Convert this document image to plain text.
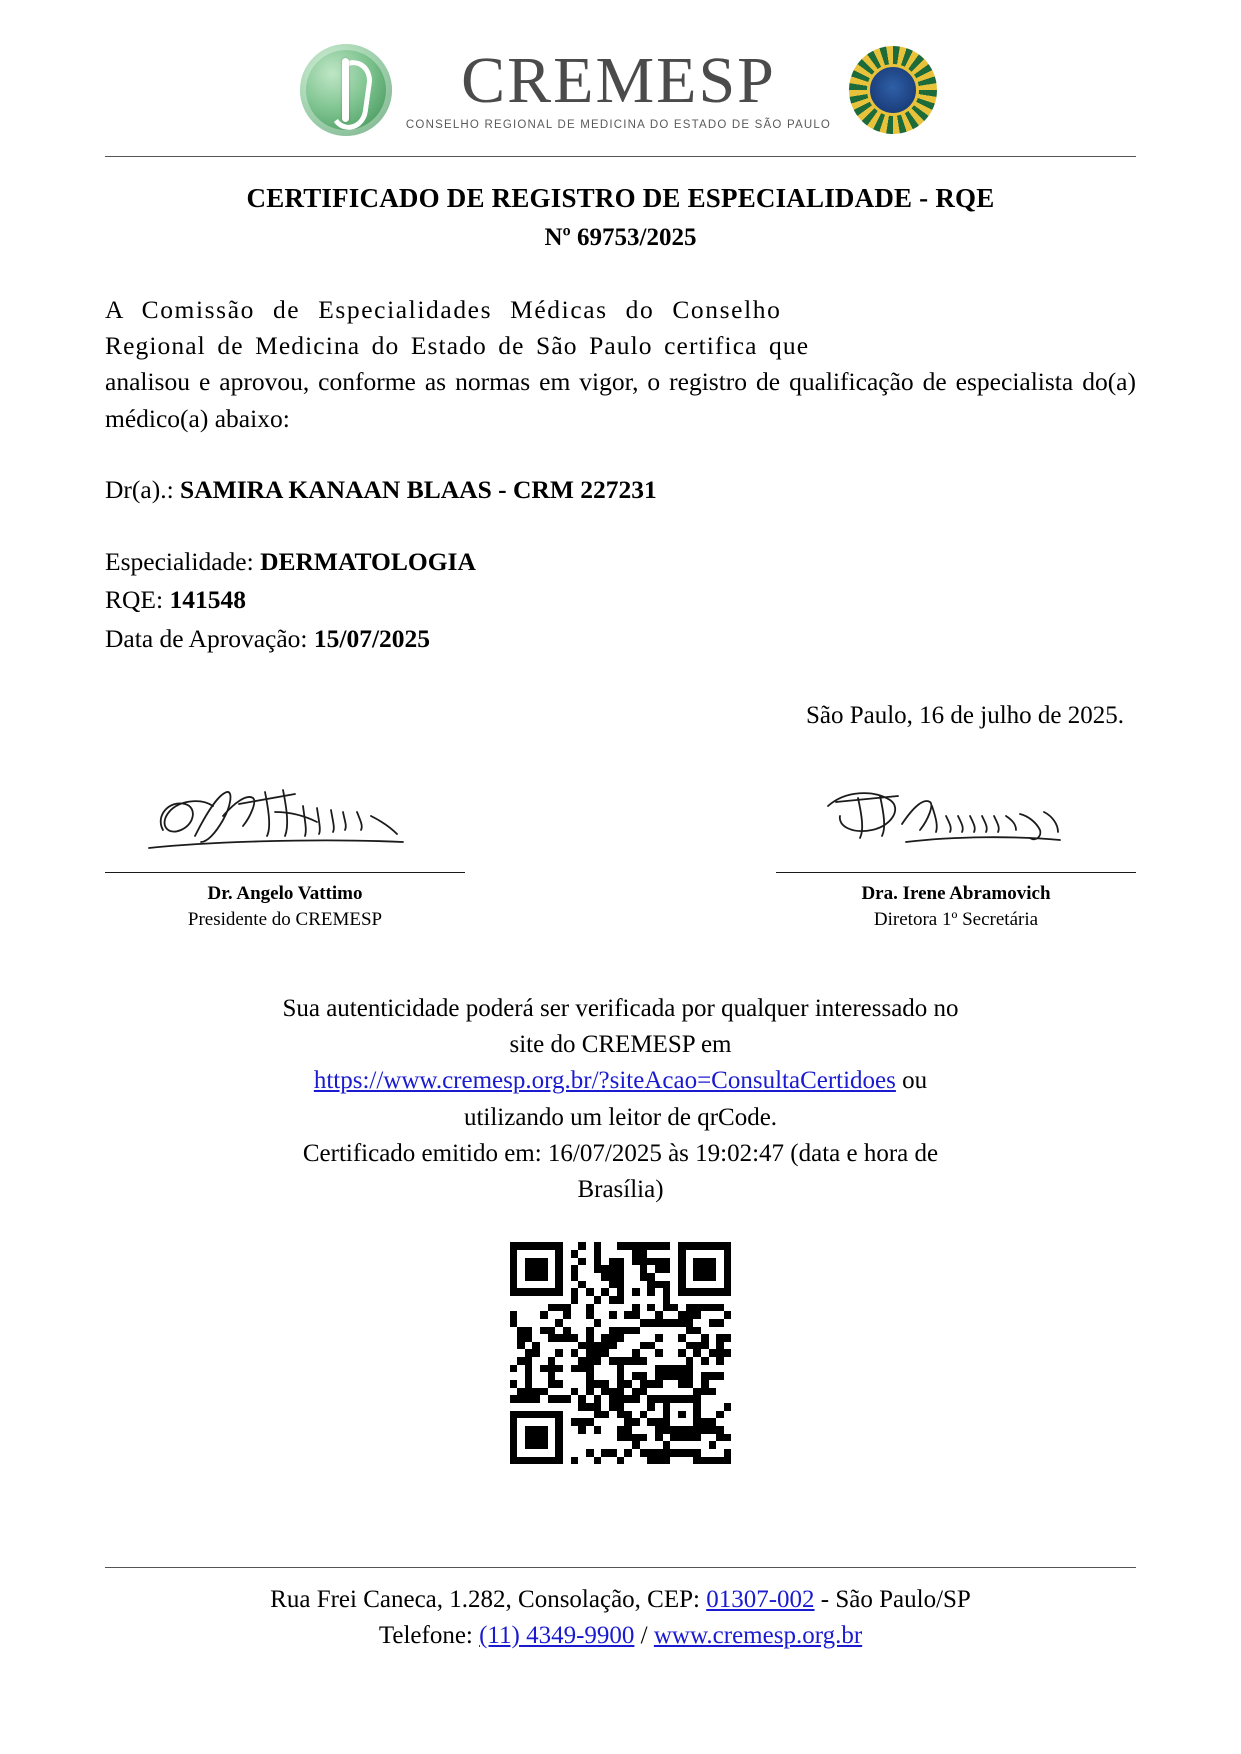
CREMESP
CONSELHO REGIONAL DE MEDICINA DO ESTADO DE SÃO PAULO
CERTIFICADO DE REGISTRO DE ESPECIALIDADE - RQE
Nº 69753/2025
A Comissão de Especialidades Médicas do Conselho
Regional de Medicina do Estado de São Paulo certifica que
analisou e aprovou, conforme as normas em vigor, o registro de qualificação de especialista do(a) médico(a) abaixo:
Dr(a).: SAMIRA KANAAN BLAAS - CRM 227231
Especialidade: DERMATOLOGIA
RQE: 141548
Data de Aprovação: 15/07/2025
São Paulo, 16 de julho de 2025.
Dr. Angelo Vattimo
Presidente do CREMESP
Dra. Irene Abramovich
Diretora 1º Secretária
Sua autenticidade poderá ser verificada por qualquer interessado no
site do CREMESP em
https://www.cremesp.org.br/?siteAcao=ConsultaCertidoes ou
utilizando um leitor de qrCode.
Certificado emitido em: 16/07/2025 às 19:02:47 (data e hora de
Brasília)
Rua Frei Caneca, 1.282, Consolação, CEP: 01307-002 - São Paulo/SP
Telefone: (11) 4349-9900 / www.cremesp.org.br
